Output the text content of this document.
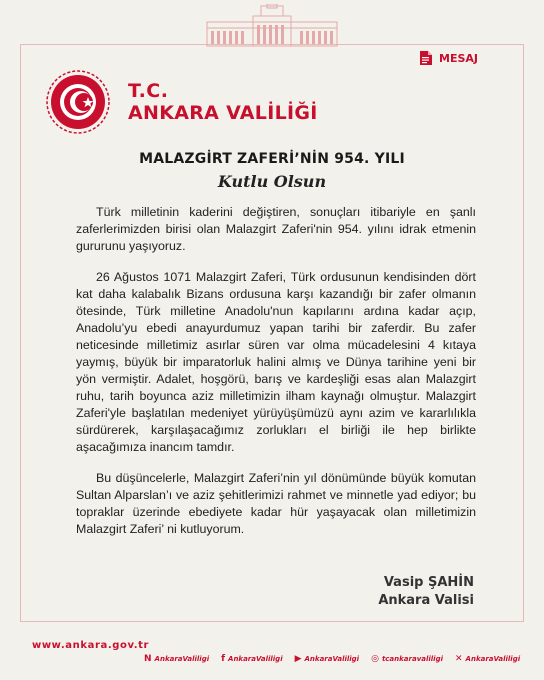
T.C.
ANKARA VALİLİĞİ
MESAJ
MALAZGİRT ZAFERİ’NİN 954. YILI
Kutlu Olsun

Türk milletinin kaderini değiştiren, sonuçları itibariyle en şanlı zaferlerimizden birisi olan Malazgirt Zaferi'nin 954. yılını idrak etmenin gururunu yaşıyoruz.

26 Ağustos 1071 Malazgirt Zaferi, Türk ordusunun kendisinden dört kat daha kalabalık Bizans ordusuna karşı kazandığı bir zafer olmanın ötesinde, Türk milletine Anadolu'nun kapılarını ardına kadar açıp, Anadolu’yu ebedi anayurdumuz yapan tarihi bir zaferdir. Bu zafer neticesinde milletimiz asırlar süren var olma mücadelesini 4 kıtaya yaymış, büyük bir imparatorluk halini almış ve Dünya tarihine yeni bir yön vermiştir. Adalet, hoşgörü, barış ve kardeşliği esas alan Malazgirt ruhu, tarih boyunca aziz milletimizin ilham kaynağı olmuştur. Malazgirt Zaferi'yle başlatılan medeniyet yürüyüşümüzü aynı azim ve kararlılıkla sürdürerek, karşılaşacağımız zorlukları el birliği ile hep birlikte aşacağımıza inancım tamdır.

Bu düşüncelerle, Malazgirt Zaferi’nin yıl dönümünde büyük komutan Sultan Alparslan’ı ve aziz şehitlerimizi rahmet ve minnetle yad ediyor; bu topraklar üzerinde ebediyete kadar hür yaşayacak olan milletimizin Malazgirt Zaferi’ ni kutluyorum.

Vasip ŞAHİN
Ankara Valisi
www.ankara.gov.tr
N AnkaraValiligi f AnkaraValiligi ▶ AnkaraValiligi ◎ tcankaravaliligi ✕ AnkaraValiligi
